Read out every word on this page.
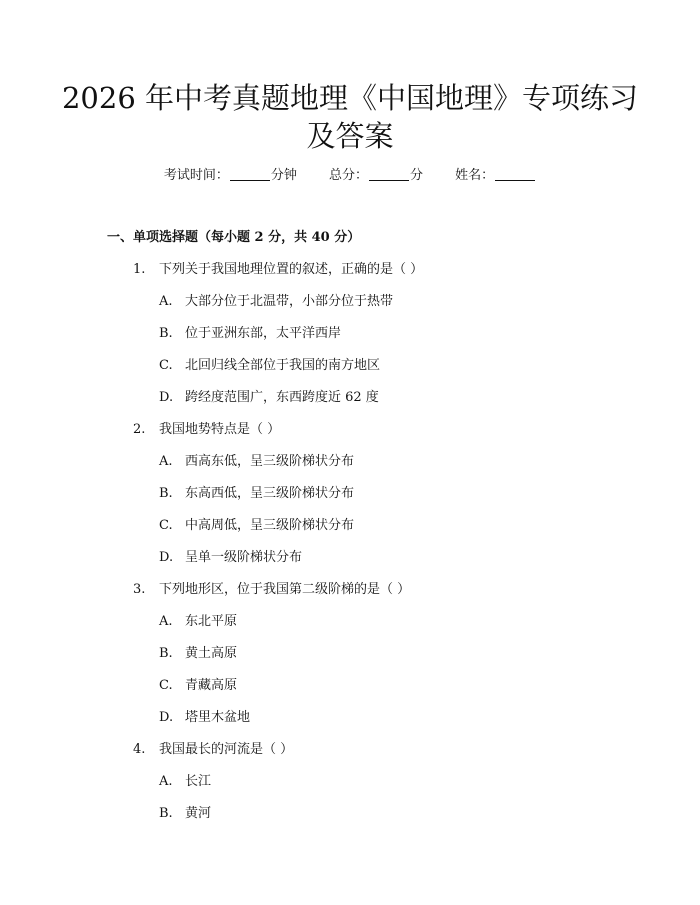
2026 年中考真题地理《中国地理》专项练习
及答案
考试时间：	分钟 总分：	分 姓名：
一、单项选择题（每小题 2 分，共 40 分）
1. 下列关于我国地理位置的叙述，正确的是（ ）
A. 大部分位于北温带，小部分位于热带
B. 位于亚洲东部，太平洋西岸
C. 北回归线全部位于我国的南方地区
D. 跨经度范围广，东西跨度近 62 度
2. 我国地势特点是（ ）
A. 西高东低，呈三级阶梯状分布
B. 东高西低，呈三级阶梯状分布
C. 中高周低，呈三级阶梯状分布
D. 呈单一级阶梯状分布
3. 下列地形区，位于我国第二级阶梯的是（ ）
A. 东北平原
B. 黄土高原
C. 青藏高原
D. 塔里木盆地
4. 我国最长的河流是（ ）
A. 长江
B. 黄河
